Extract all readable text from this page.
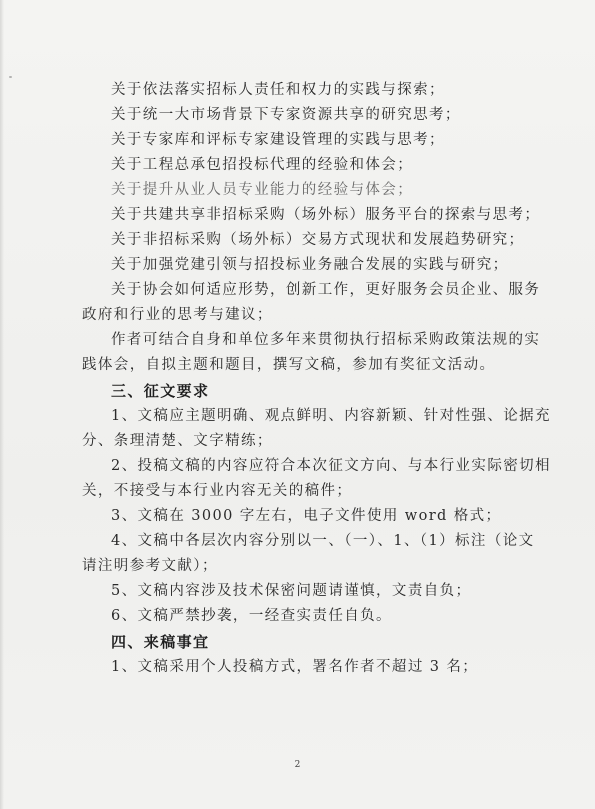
关于依法落实招标人责任和权力的实践与探索；

关于统一大市场背景下专家资源共享的研究思考；

关于专家库和评标专家建设管理的实践与思考；

关于工程总承包招投标代理的经验和体会；

关于提升从业人员专业能力的经验与体会；

关于共建共享非招标采购（场外标）服务平台的探索与思考；

关于非招标采购（场外标）交易方式现状和发展趋势研究；

关于加强党建引领与招投标业务融合发展的实践与研究；

关于协会如何适应形势，创新工作，更好服务会员企业、服务

政府和行业的思考与建议；

作者可结合自身和单位多年来贯彻执行招标采购政策法规的实

践体会，自拟主题和题目，撰写文稿，参加有奖征文活动。

三、征文要求

1、文稿应主题明确、观点鲜明、内容新颖、针对性强、论据充

分、条理清楚、文字精练；

2、投稿文稿的内容应符合本次征文方向、与本行业实际密切相

关，不接受与本行业内容无关的稿件；

3、文稿在 3000 字左右，电子文件使用 word 格式；

4、文稿中各层次内容分别以一、（一）、1、（1）标注（论文

请注明参考文献）；

5、文稿内容涉及技术保密问题请谨慎，文责自负；

6、文稿严禁抄袭，一经查实责任自负。

四、来稿事宜

1、文稿采用个人投稿方式，署名作者不超过 3 名；

2
